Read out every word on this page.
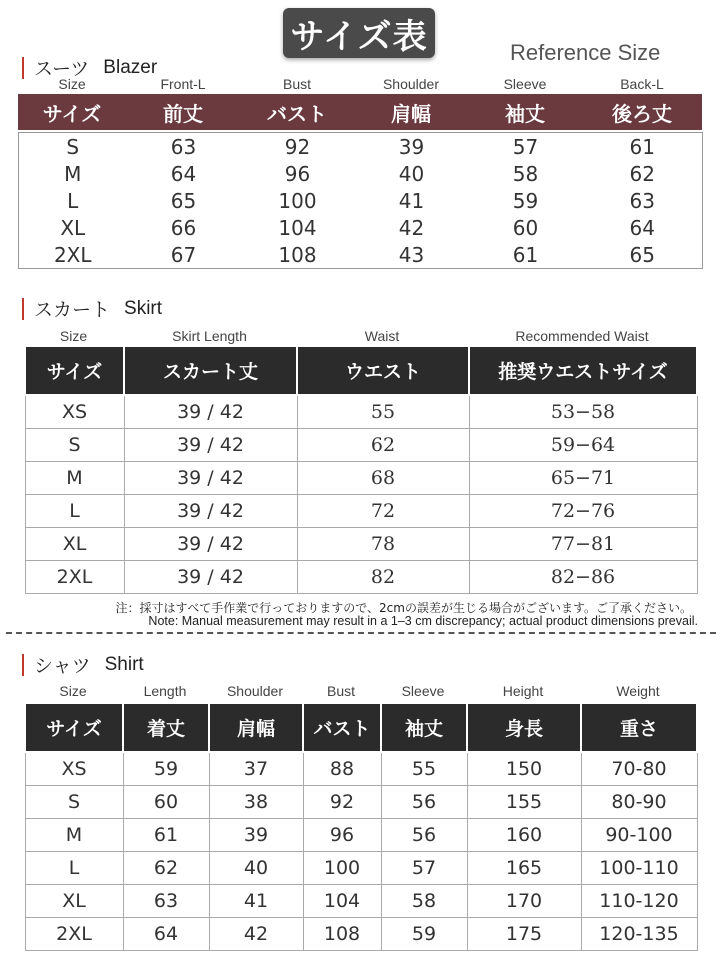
サイズ表	Reference Size
スーツ Blazer
Size	Front-L	Bust	Shoulder	Sleeve	Back-L
サイズ	前丈	バスト	肩幅	袖丈	後ろ丈
S	63	92	39	57	61
M	64	96	40	58	62
L	65	100	41	59	63
XL	66	104	42	60	64
2XL	67	108	43	61	65
スカート Skirt
Size	Skirt Length	Waist	Recommended Waist
サイズ	スカート丈	ウエスト	推奨ウエストサイズ
XS	39 / 42	55	53−58
S	39 / 42	62	59−64
M	39 / 42	68	65−71
L	39 / 42	72	72−76
XL	39 / 42	78	77−81
2XL	39 / 42	82	82−86
注：採寸はすべて手作業で行っておりますので、2cmの誤差が生じる場合がございます。ご了承ください。
Note: Manual measurement may result in a 1–3 cm discrepancy; actual product dimensions prevail.
シャツ Shirt
Size	Length	Shoulder	Bust	Sleeve	Height	Weight
サイズ	着丈	肩幅	バスト	袖丈	身長	重さ
XS	59	37	88	55	150	70-80
S	60	38	92	56	155	80-90
M	61	39	96	56	160	90-100
L	62	40	100	57	165	100-110
XL	63	41	104	58	170	110-120
2XL	64	42	108	59	175	120-135
